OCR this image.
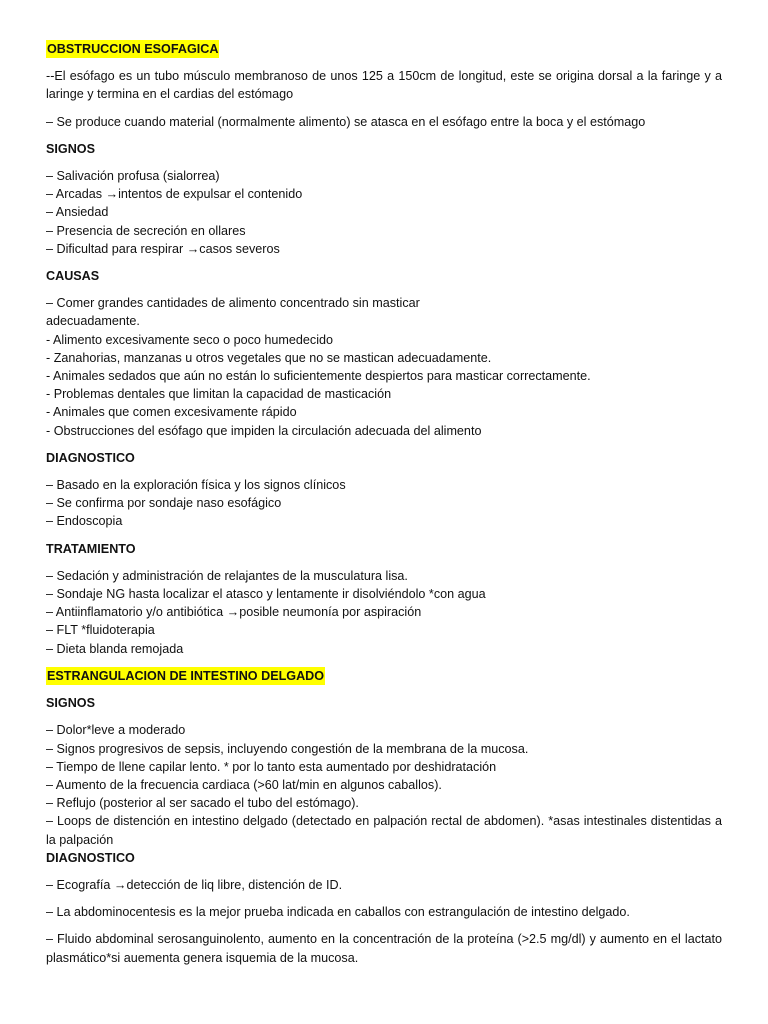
OBSTRUCCION ESOFAGICA

--El esófago es un tubo músculo membranoso de unos 125 a 150cm de longitud, este se origina dorsal a la faringe y a laringe y termina en el cardias del estómago

– Se produce cuando material (normalmente alimento) se atasca en el esófago entre la boca y el estómago

SIGNOS

– Salivación profusa (sialorrea)

– Arcadas →intentos de expulsar el contenido

– Ansiedad

– Presencia de secreción en ollares

– Dificultad para respirar →casos severos

CAUSAS

– Comer grandes cantidades de alimento concentrado sin masticar

adecuadamente.

- Alimento excesivamente seco o poco humedecido

- Zanahorias, manzanas u otros vegetales que no se mastican adecuadamente.

- Animales sedados que aún no están lo suficientemente despiertos para masticar correctamente.

- Problemas dentales que limitan la capacidad de masticación

- Animales que comen excesivamente rápido

- Obstrucciones del esófago que impiden la circulación adecuada del alimento

DIAGNOSTICO

– Basado en la exploración física y los signos clínicos

– Se confirma por sondaje naso esofágico

– Endoscopia

TRATAMIENTO

– Sedación y administración de relajantes de la musculatura lisa.

– Sondaje NG hasta localizar el atasco y lentamente ir disolviéndolo *con agua

– Antiinflamatorio y/o antibiótica →posible neumonía por aspiración

– FLT *fluidoterapia

– Dieta blanda remojada

ESTRANGULACION DE INTESTINO DELGADO

SIGNOS

– Dolor*leve a moderado

– Signos progresivos de sepsis, incluyendo congestión de la membrana de la mucosa.

– Tiempo de llene capilar lento. * por lo tanto esta aumentado por deshidratación

– Aumento de la frecuencia cardiaca (>60 lat/min en algunos caballos).

– Reflujo (posterior al ser sacado el tubo del estómago).

– Loops de distención en intestino delgado (detectado en palpación rectal de abdomen). *asas intestinales distentidas a la palpación

DIAGNOSTICO

– Ecografía →detección de liq libre, distención de ID.

– La abdominocentesis es la mejor prueba indicada en caballos con estrangulación de intestino delgado.

– Fluido abdominal serosanguinolento, aumento en la concentración de la proteína (>2.5 mg/dl) y aumento en el lactato plasmático*si auementa genera isquemia de la mucosa.
